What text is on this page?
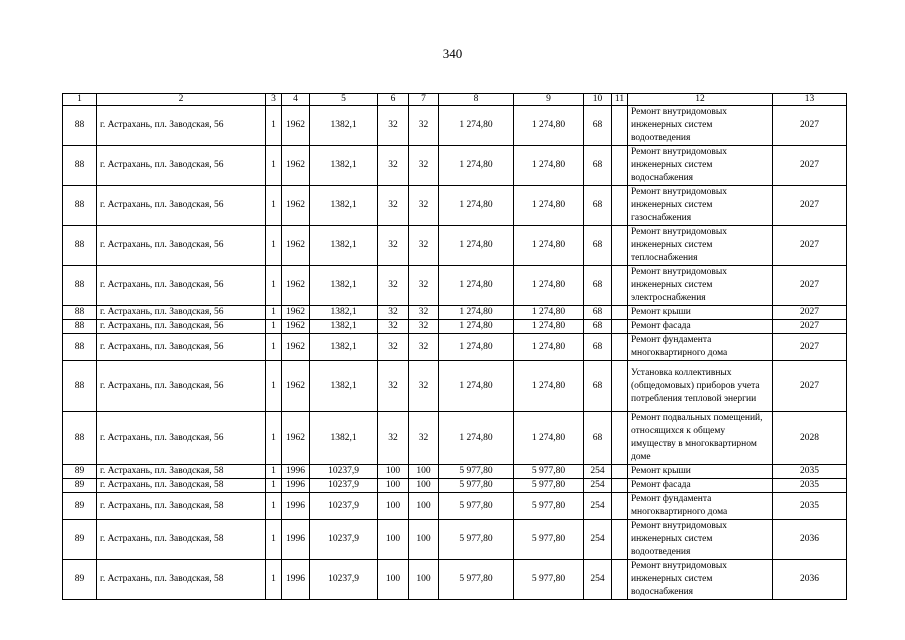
340
1	2	3	4	5	6	7	8	9	10	11	12	13
88	г. Астрахань, пл. Заводская, 56	1	1962	1382,1	32	32	1 274,80	1 274,80	68		Ремонт внутридомовых инженерных систем водоотведения	2027
88	г. Астрахань, пл. Заводская, 56	1	1962	1382,1	32	32	1 274,80	1 274,80	68		Ремонт внутридомовых инженерных систем водоснабжения	2027
88	г. Астрахань, пл. Заводская, 56	1	1962	1382,1	32	32	1 274,80	1 274,80	68		Ремонт внутридомовых инженерных систем газоснабжения	2027
88	г. Астрахань, пл. Заводская, 56	1	1962	1382,1	32	32	1 274,80	1 274,80	68		Ремонт внутридомовых инженерных систем теплоснабжения	2027
88	г. Астрахань, пл. Заводская, 56	1	1962	1382,1	32	32	1 274,80	1 274,80	68		Ремонт внутридомовых инженерных систем электроснабжения	2027
88	г. Астрахань, пл. Заводская, 56	1	1962	1382,1	32	32	1 274,80	1 274,80	68		Ремонт крыши	2027
88	г. Астрахань, пл. Заводская, 56	1	1962	1382,1	32	32	1 274,80	1 274,80	68		Ремонт фасада	2027
88	г. Астрахань, пл. Заводская, 56	1	1962	1382,1	32	32	1 274,80	1 274,80	68		Ремонт фундамента многоквартирного дома	2027
88	г. Астрахань, пл. Заводская, 56	1	1962	1382,1	32	32	1 274,80	1 274,80	68		Установка коллективных (общедомовых) приборов учета потребления тепловой энергии	2027
88	г. Астрахань, пл. Заводская, 56	1	1962	1382,1	32	32	1 274,80	1 274,80	68		Ремонт подвальных помещений, относящихся к общему имуществу в многоквартирном доме	2028
89	г. Астрахань, пл. Заводская, 58	1	1996	10237,9	100	100	5 977,80	5 977,80	254		Ремонт крыши	2035
89	г. Астрахань, пл. Заводская, 58	1	1996	10237,9	100	100	5 977,80	5 977,80	254		Ремонт фасада	2035
89	г. Астрахань, пл. Заводская, 58	1	1996	10237,9	100	100	5 977,80	5 977,80	254		Ремонт фундамента многоквартирного дома	2035
89	г. Астрахань, пл. Заводская, 58	1	1996	10237,9	100	100	5 977,80	5 977,80	254		Ремонт внутридомовых инженерных систем водоотведения	2036
89	г. Астрахань, пл. Заводская, 58	1	1996	10237,9	100	100	5 977,80	5 977,80	254		Ремонт внутридомовых инженерных систем водоснабжения	2036
